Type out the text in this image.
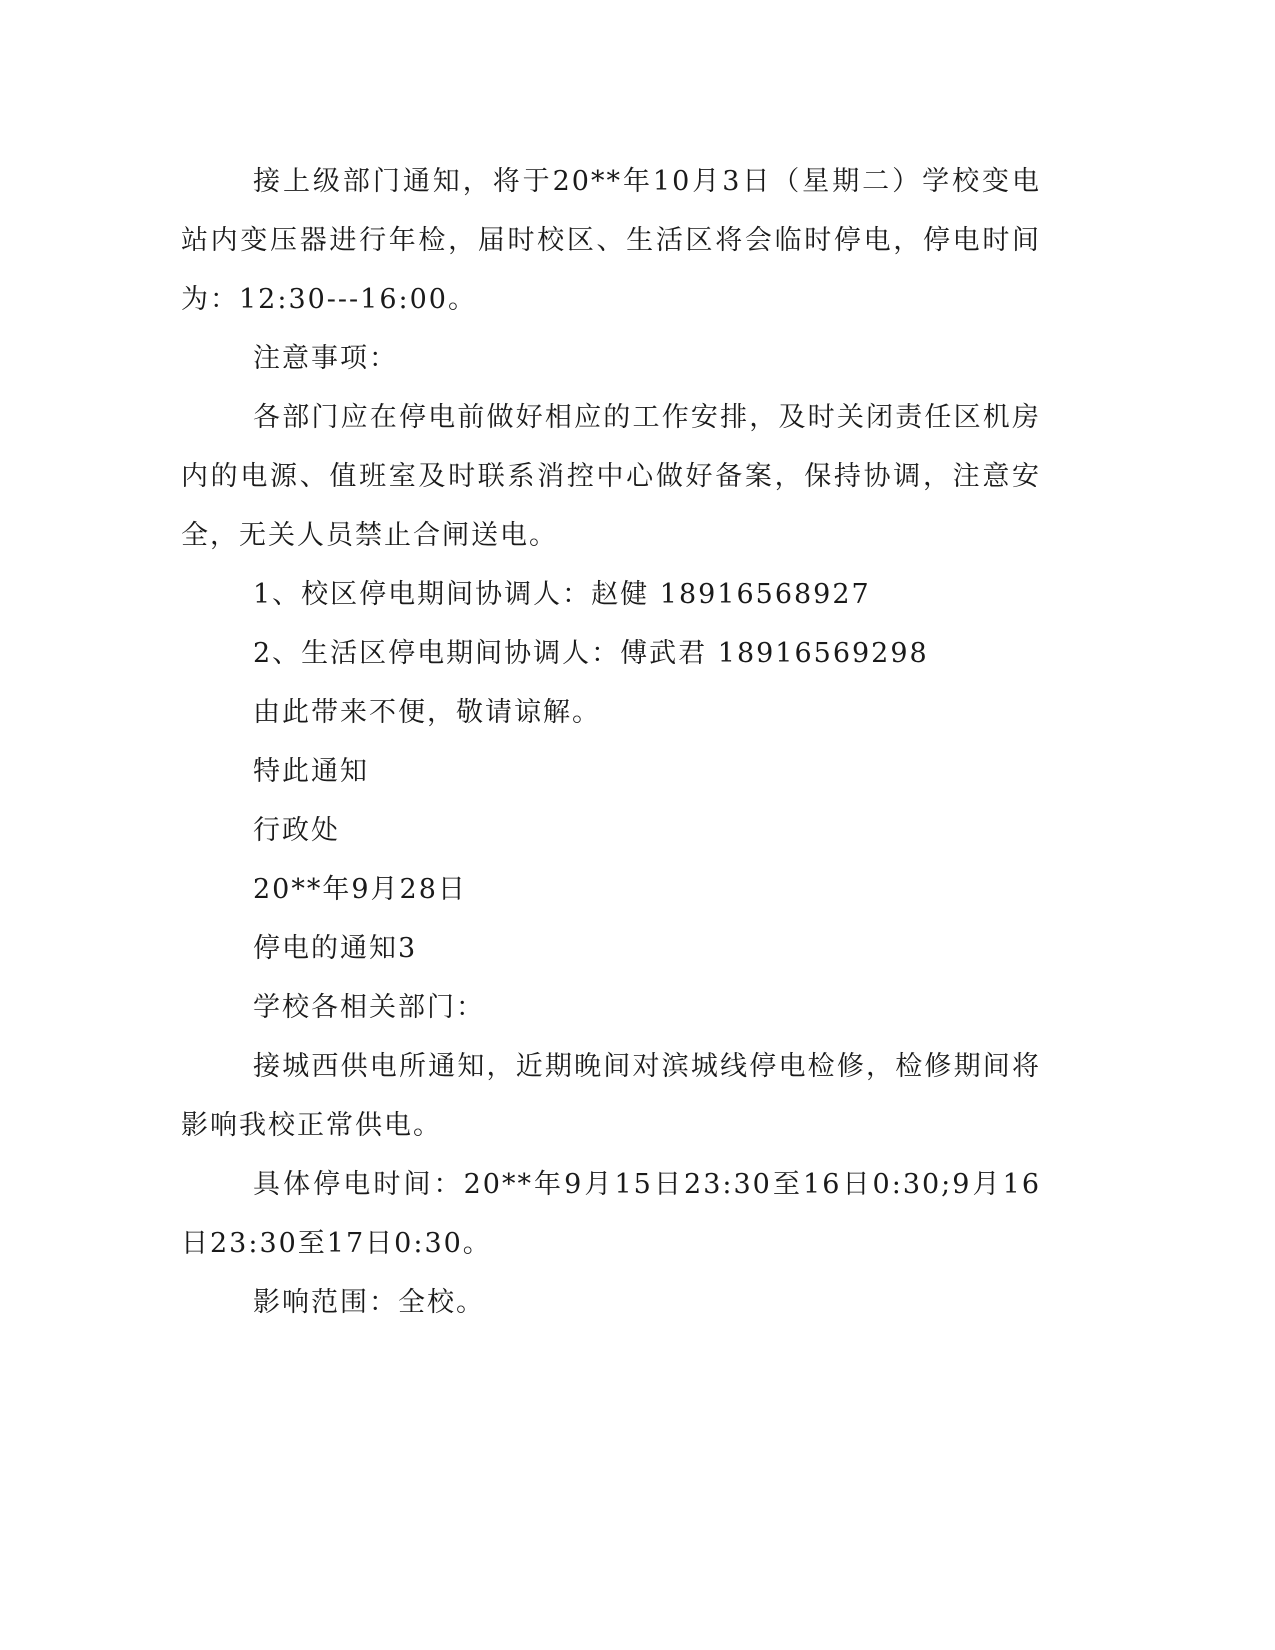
接上级部门通知，将于20**年10月3日（星期二）学校变电站内变压器进行年检，届时校区、生活区将会临时停电，停电时间为：12:30---16:00。

注意事项：

各部门应在停电前做好相应的工作安排，及时关闭责任区机房内的电源、值班室及时联系消控中心做好备案，保持协调，注意安全，无关人员禁止合闸送电。

1、校区停电期间协调人：赵健 18916568927

2、生活区停电期间协调人：傅武君 18916569298

由此带来不便，敬请谅解。

特此通知

行政处

20**年9月28日

停电的通知3

学校各相关部门：

接城西供电所通知，近期晚间对滨城线停电检修，检修期间将影响我校正常供电。

具体停电时间：20**年9月15日23:30至16日0:30;9月16日23:30至17日0:30。

影响范围：全校。
